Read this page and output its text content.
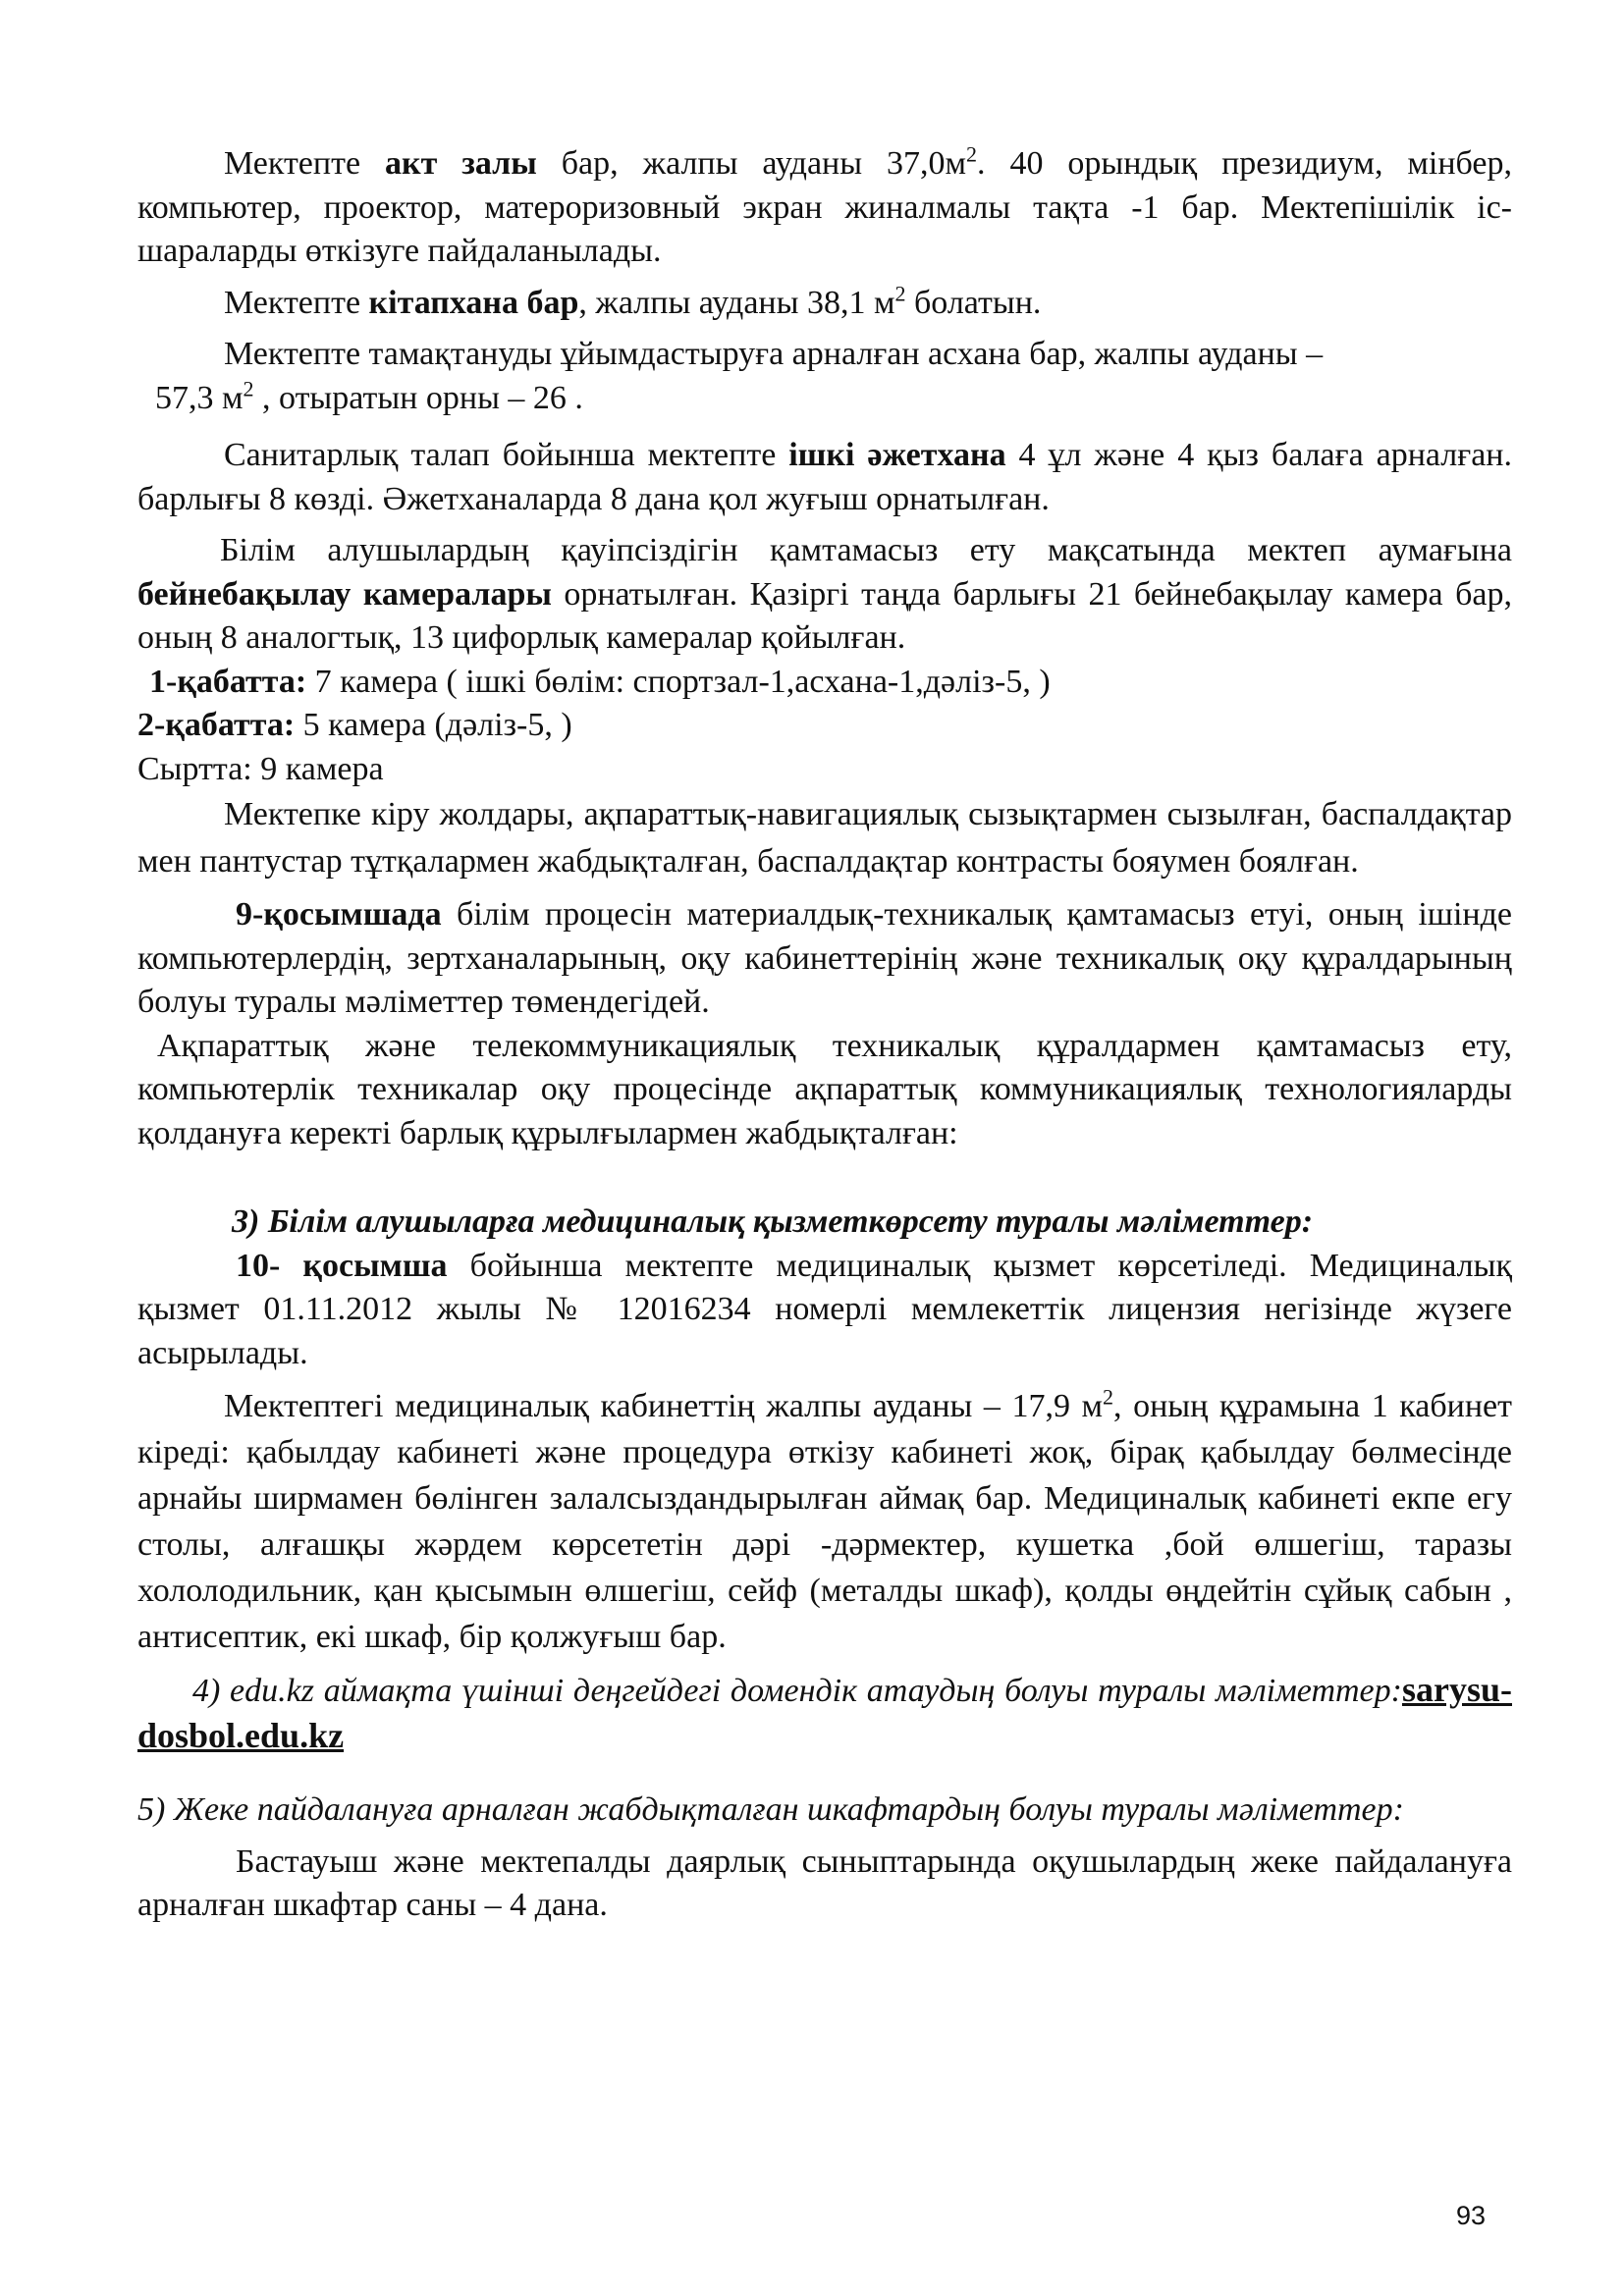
Мектепте акт залы бар, жалпы ауданы $37,0м^2$. 40 орындық президиум, мінбер, компьютер, проектор, матероризовный экран жиналмалы тақта -1 бар. Мектепішілік іс-шараларды өткізуге пайдаланылады.

Мектепте кітапхана бар, жалпы ауданы 38,1 $м^2$ болатын.

Мектепте тамақтануды ұйымдастыруға арналған асхана бар, жалпы ауданы –
57,3 $м^2$ , отыратын орны – 26 .

Санитарлық талап бойынша мектепте ішкі әжетхана 4 ұл және 4 қыз балаға арналған. барлығы 8 көзді. Әжетханаларда 8 дана қол жуғыш орнатылған.

Білім алушылардың қауіпсіздігін қамтамасыз ету мақсатында мектеп аумағына бейнебақылау камералары орнатылған. Қазіргі таңда барлығы 21 бейнебақылау камера бар, оның 8 аналогтық, 13 цифорлық камералар қойылған.

1-қабатта: 7 камера ( ішкі бөлім: спортзал-1,асхана-1,дәліз-5, )

2-қабатта: 5 камера (дәліз-5, )

Сыртта: 9 камера

Мектепке кіру жолдары, ақпараттық-навигациялық сызықтармен сызылған, баспалдақтар мен пантустар тұтқалармен жабдықталған, баспалдақтар контрасты бояумен боялған.

9-қосымшада білім процесін материалдық-техникалық қамтамасыз етуі, оның ішінде компьютерлердің, зертханаларының, оқу кабинеттерінің және техникалық оқу құралдарының болуы туралы мәліметтер төмендегідей.

Ақпараттық және телекоммуникациялық техникалық құралдармен қамтамасыз ету, компьютерлік техникалар оқу процесінде ақпараттық коммуникациялық технологияларды қолдануға керекті барлық құрылғылармен жабдықталған:

3) Білім алушыларға медициналық қызметкөрсету туралы мәліметтер:

10- қосымша бойынша мектепте медициналық қызмет көрсетіледі. Медициналық қызмет 01.11.2012 жылы № 12016234 номерлі мемлекеттік лицензия негізінде жүзеге асырылады.

Мектептегі медициналық кабинеттің жалпы ауданы – 17,9 $м^2$, оның құрамына 1 кабинет кіреді: қабылдау кабинеті және процедура өткізу кабинеті жоқ, бірақ қабылдау бөлмесінде арнайы ширмамен бөлінген залалсыздандырылған аймақ бар. Медициналық кабинеті екпе егу столы, алғашқы жәрдем көрсететін дәрі -дәрмектер, кушетка ,бой өлшегіш, таразы хололодильник, қан қысымын өлшегіш, сейф (металды шкаф), қолды өңдейтін сұйық сабын , антисептик, екі шкаф, бір қолжуғыш бар.

4) edu.kz аймақта үшінші деңгейдегі домендік атаудың болуы туралы мәліметтер:sarysu-dosbol.edu.kz

5) Жеке пайдалануға арналған жабдықталған шкафтардың болуы туралы мәліметтер:

Бастауыш және мектепалды даярлық сыныптарында оқушылардың жеке пайдалануға арналған шкафтар саны – 4 дана.

93
